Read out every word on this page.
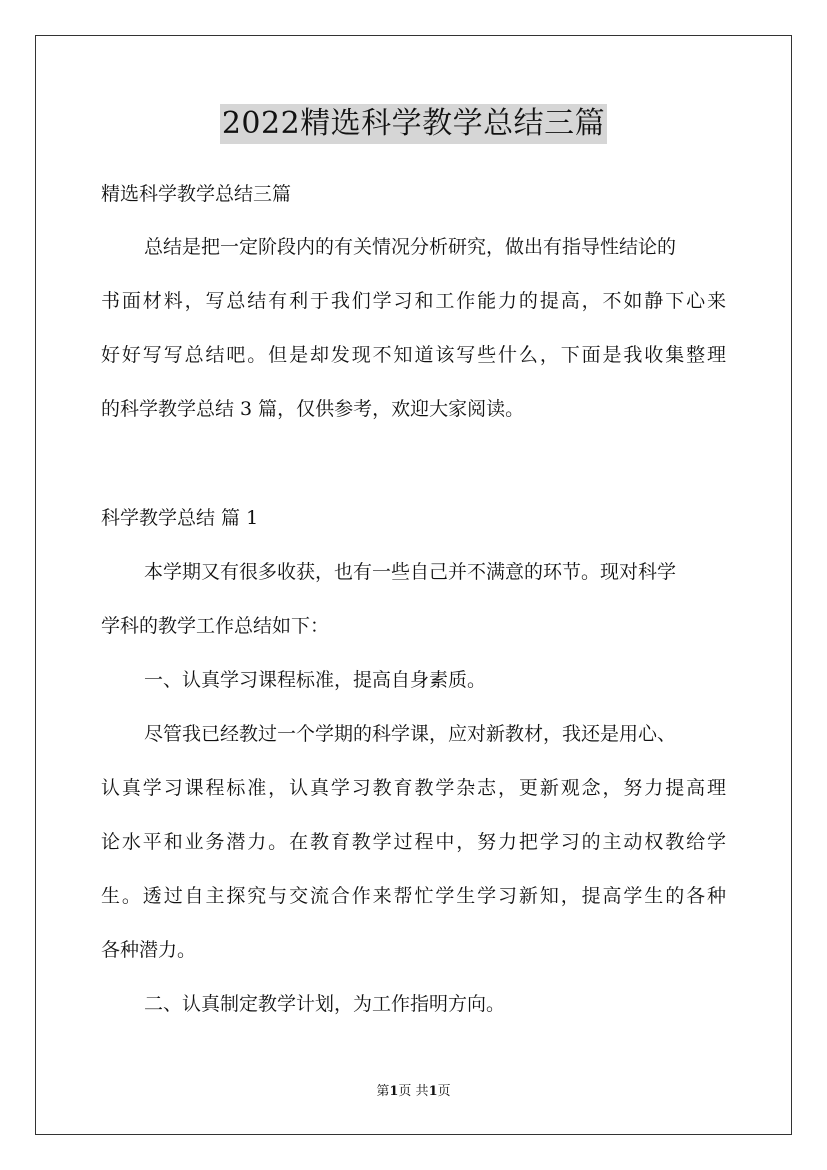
2022精选科学教学总结三篇

精选科学教学总结三篇

总结是把一定阶段内的有关情况分析研究，做出有指导性结论的

书面材料，写总结有利于我们学习和工作能力的提高，不如静下心来

好好写写总结吧。但是却发现不知道该写些什么，下面是我收集整理

的科学教学总结 3 篇，仅供参考，欢迎大家阅读。

科学教学总结 篇 1

本学期又有很多收获，也有一些自己并不满意的环节。现对科学

学科的教学工作总结如下：

一、认真学习课程标准，提高自身素质。

尽管我已经教过一个学期的科学课，应对新教材，我还是用心、

认真学习课程标准，认真学习教育教学杂志，更新观念，努力提高理

论水平和业务潜力。在教育教学过程中，努力把学习的主动权教给学

生。透过自主探究与交流合作来帮忙学生学习新知，提高学生的各种

各种潜力。

二、认真制定教学计划，为工作指明方向。

第1页 共1页
